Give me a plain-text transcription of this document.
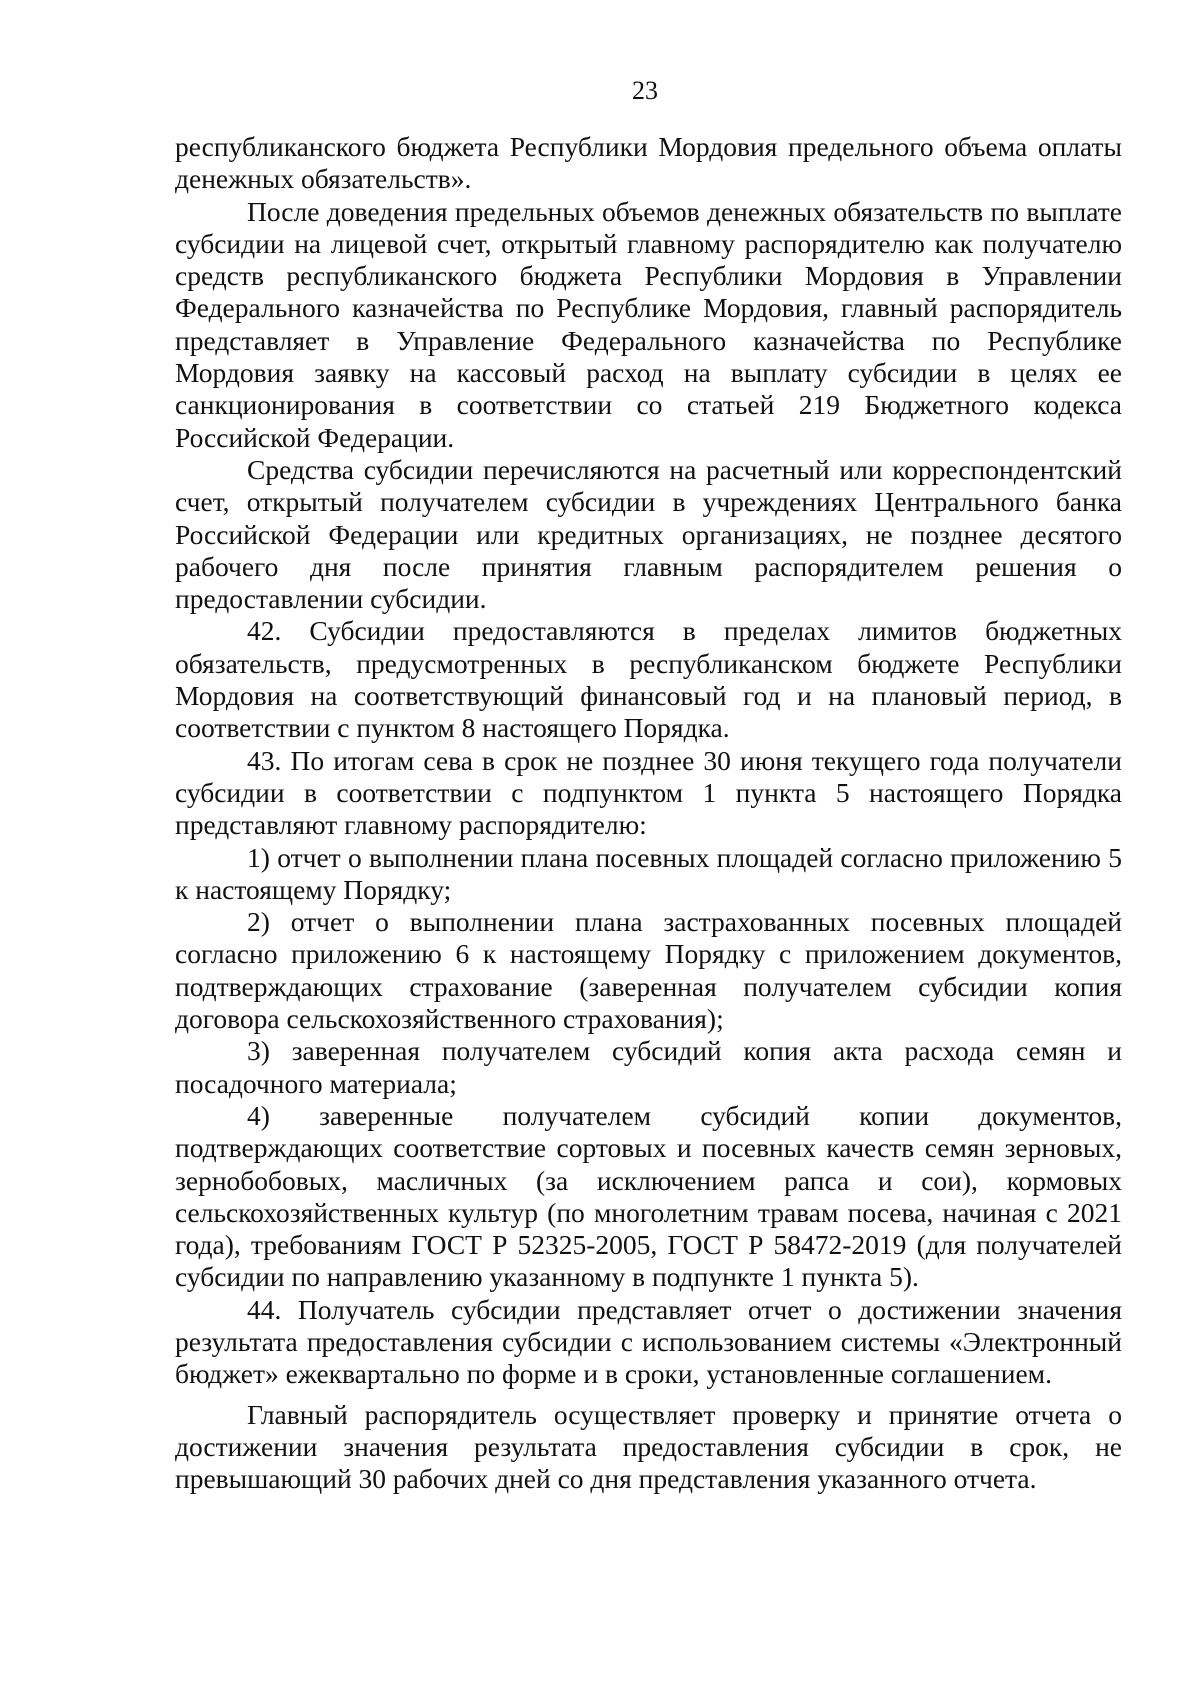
23

республиканского бюджета Республики Мордовия предельного объема оплаты денежных обязательств».

После доведения предельных объемов денежных обязательств по выплате субсидии на лицевой счет, открытый главному распорядителю как получателю средств республиканского бюджета Республики Мордовия в Управлении Федерального казначейства по Республике Мордовия, главный распорядитель представляет в Управление Федерального казначейства по Республике Мордовия заявку на кассовый расход на выплату субсидии в целях ее санкционирования в соответствии со статьей 219 Бюджетного кодекса Российской Федерации.

Средства субсидии перечисляются на расчетный или корреспондентский счет, открытый получателем субсидии в учреждениях Центрального банка Российской Федерации или кредитных организациях, не позднее десятого рабочего дня после принятия главным распорядителем решения о предоставлении субсидии.

42. Субсидии предоставляются в пределах лимитов бюджетных обязательств, предусмотренных в республиканском бюджете Республики Мордовия на соответствующий финансовый год и на плановый период, в соответствии с пунктом 8 настоящего Порядка.

43. По итогам сева в срок не позднее 30 июня текущего года получатели субсидии в соответствии с подпунктом 1 пункта 5 настоящего Порядка представляют главному распорядителю:

1) отчет о выполнении плана посевных площадей согласно приложению 5 к настоящему Порядку;

2) отчет о выполнении плана застрахованных посевных площадей согласно приложению 6 к настоящему Порядку с приложением документов, подтверждающих страхование (заверенная получателем субсидии копия договора сельскохозяйственного страхования);

3) заверенная получателем субсидий копия акта расхода семян и посадочного материала;

4) заверенные получателем субсидий копии документов, подтверждающих соответствие сортовых и посевных качеств семян зерновых, зернобобовых, масличных (за исключением рапса и сои), кормовых сельскохозяйственных культур (по многолетним травам посева, начиная с 2021 года), требованиям ГОСТ Р 52325-2005, ГОСТ Р 58472-2019 (для получателей субсидии по направлению указанному в подпункте 1 пункта 5).

44. Получатель субсидии представляет отчет о достижении значения результата предоставления субсидии с использованием системы «Электронный бюджет» ежеквартально по форме и в сроки, установленные соглашением.

Главный распорядитель осуществляет проверку и принятие отчета о достижении значения результата предоставления субсидии в срок, не превышающий 30 рабочих дней со дня представления указанного отчета.
